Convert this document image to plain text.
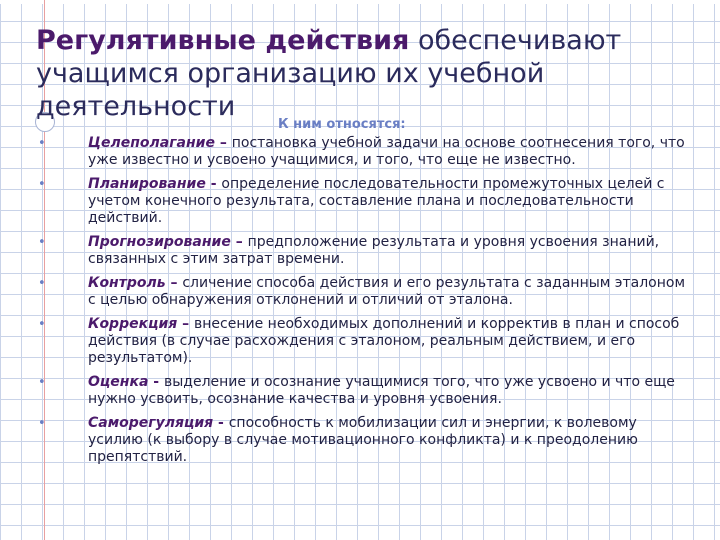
Регулятивные действия обеспечивают учащимся организацию их учебной деятельности
К ним относятся:
•	Целеполагание – постановка учебной задачи на основе соотнесения того, что уже известно и усвоено учащимися, и того, что еще не известно.
•	Планирование - определение последовательности промежуточных целей с учетом конечного результата, составление плана и последовательности действий.
•	Прогнозирование – предположение результата и уровня усвоения знаний, связанных с этим затрат времени.
•	Контроль – сличение способа действия и его результата с заданным эталоном с целью обнаружения отклонений и отличий от эталона.
•	Коррекция – внесение необходимых дополнений и корректив в план и способ действия (в случае расхождения с эталоном, реальным действием, и его результатом).
•	Оценка - выделение и осознание учащимися того, что уже усвоено и что еще нужно усвоить, осознание качества и уровня усвоения.
•	Саморегуляция - способность к мобилизации сил и энергии, к волевому усилию (к выбору в случае мотивационного конфликта) и к преодолению препятствий.
